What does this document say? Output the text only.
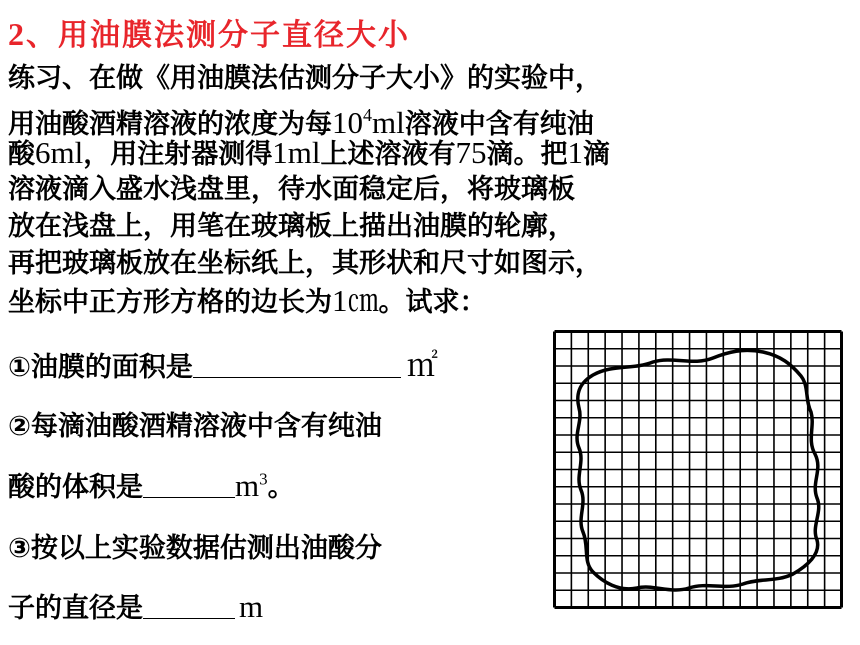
2、用油膜法测分子直径大小
练习、在做《用油膜法估测分子大小》的实验中，
用油酸酒精溶液的浓度为每$10^4ml$溶液中含有纯油
酸6ml，用注射器测得1ml上述溶液有75滴。把1滴
溶液滴入盛水浅盘里，待水面稳定后，将玻璃板
放在浅盘上，用笔在玻璃板上描出油膜的轮廓，
再把玻璃板放在坐标纸上，其形状和尺寸如图示，
坐标中正方形方格的边长为1㎝。试求：
①油膜的面积是	㎡
②每滴油酸酒精溶液中含有纯油
酸的体积是	$m^3$。
③按以上实验数据估测出油酸分
子的直径是	m
